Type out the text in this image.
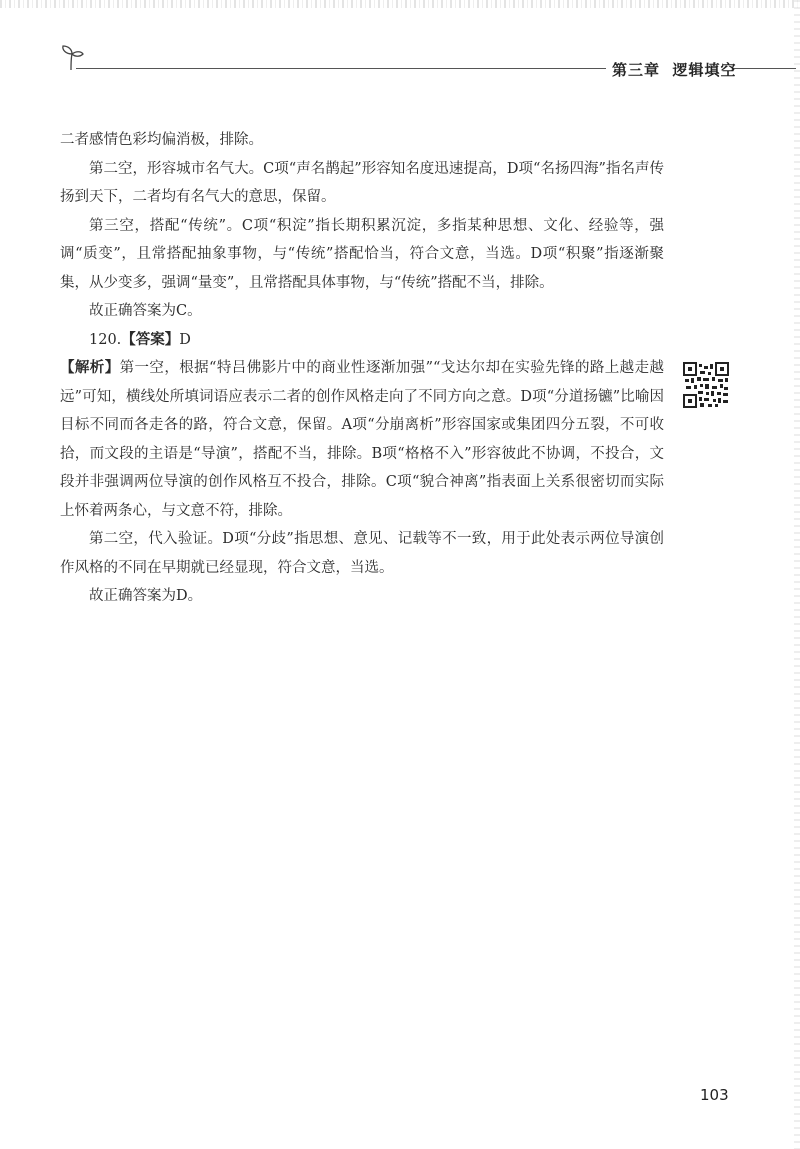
第三章 逻辑填空

二者感情色彩均偏消极，排除。

第二空，形容城市名气大。C项“声名鹊起”形容知名度迅速提高，D项“名扬四海”指名声传扬到天下，二者均有名气大的意思，保留。

第三空，搭配“传统”。C项“积淀”指长期积累沉淀，多指某种思想、文化、经验等，强调“质变”，且常搭配抽象事物，与“传统”搭配恰当，符合文意，当选。D项“积聚”指逐渐聚集，从少变多，强调“量变”，且常搭配具体事物，与“传统”搭配不当，排除。

故正确答案为C。

120.【答案】D

【解析】第一空，根据“特吕佛影片中的商业性逐渐加强”“戈达尔却在实验先锋的路上越走越远”可知，横线处所填词语应表示二者的创作风格走向了不同方向之意。D项“分道扬镳”比喻因目标不同而各走各的路，符合文意，保留。A项“分崩离析”形容国家或集团四分五裂，不可收拾，而文段的主语是“导演”，搭配不当，排除。B项“格格不入”形容彼此不协调，不投合，文段并非强调两位导演的创作风格互不投合，排除。C项“貌合神离”指表面上关系很密切而实际上怀着两条心，与文意不符，排除。

第二空，代入验证。D项“分歧”指思想、意见、记载等不一致，用于此处表示两位导演创作风格的不同在早期就已经显现，符合文意，当选。

故正确答案为D。

103
